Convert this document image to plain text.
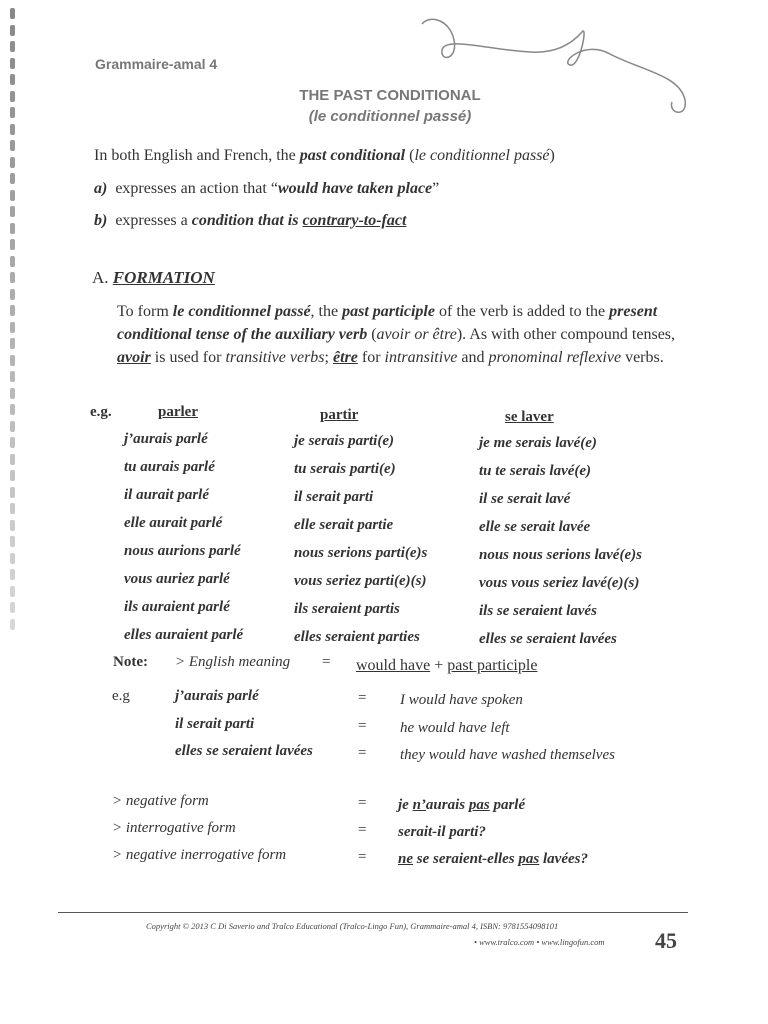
Grammaire-amal 4
THE PAST CONDITIONAL
(le conditionnel passé)
In both English and French, the past conditional (le conditionnel passé)
a) expresses an action that “would have taken place”
b) expresses a condition that is contrary-to-fact
A. FORMATION
To form le conditionnel passé, the past participle of the verb is added to the present conditional tense of the auxiliary verb (avoir or être). As with other compound tenses, avoir is used for transitive verbs; être for intransitive and pronominal reflexive verbs.
e.g.	parler	partir	se laver
j’aurais parlé	je serais parti(e)	je me serais lavé(e)
tu aurais parlé	tu serais parti(e)	tu te serais lavé(e)
il aurait parlé	il serait parti	il se serait lavé
elle aurait parlé	elle serait partie	elle se serait lavée
nous aurions parlé	nous serions parti(e)s	nous nous serions lavé(e)s
vous auriez parlé	vous seriez parti(e)(s)	vous vous seriez lavé(e)(s)
ils auraient parlé	ils seraient partis	ils se seraient lavés
elles auraient parlé	elles seraient parties	elles se seraient lavées
Note: > English meaning = would have + past participle
e.g	j’aurais parlé	= I would have spoken
il serait parti	= he would have left
elles se seraient lavées	= they would have washed themselves
> negative form	= je n’aurais pas parlé
> interrogative form	= serait-il parti?
> negative inerrogative form	= ne se seraient-elles pas lavées?
Copyright © 2013 C Di Saverio and Tralco Educational (Tralco-Lingo Fun), Grammaire-amal 4, ISBN: 9781554098101
• www.tralco.com • www.lingofun.com 45
